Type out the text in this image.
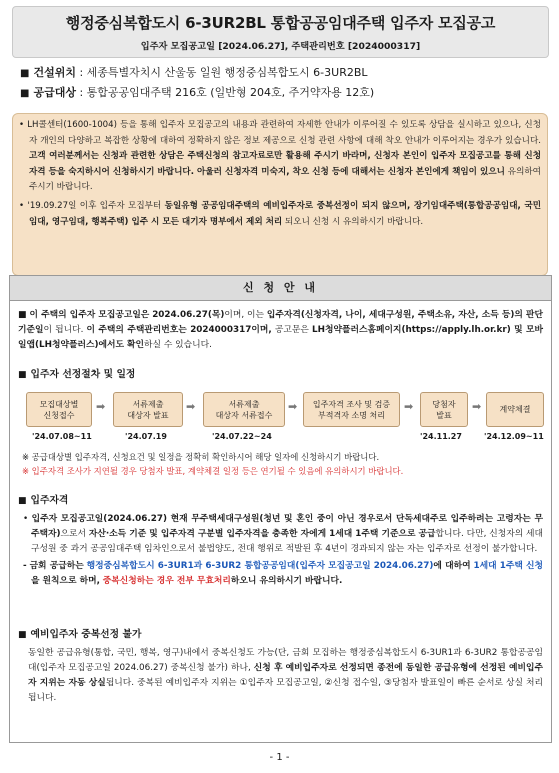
행정중심복합도시 6-3UR2BL 통합공공임대주택 입주자 모집공고
입주자 모집공고일 [2024.06.27], 주택관리번호 [2024000317]
■ 건설위치 : 세종특별자치시 산울동 일원 행정중심복합도시 6-3UR2BL
■ 공급대상 : 통합공공임대주택 216호 (일반형 204호, 주거약자용 12호)
• LH콜센터(1600-1004) 등을 통해 입주자 모집공고의 내용과 관련하여 자세한 안내가 이루어질 수 있도록 상담을 실시하고 있으나, 신청자 개인의 다양하고 복잡한 상황에 대하여 정확하지 않은 정보 제공으로 신청 관련 사항에 대해 착오 안내가 이루어지는 경우가 있습니다. 고객 여러분께서는 신청과 관련한 상담은 주택신청의 참고자료로만 활용해 주시기 바라며, 신청자 본인이 입주자 모집공고를 통해 신청자격 등을 숙지하시어 신청하시기 바랍니다. 아울러 신청자격 미숙지, 착오 신청 등에 대해서는 신청자 본인에게 책임이 있으니 유의하여 주시기 바랍니다.
• '19.09.27일 이후 입주자 모집부터 동일유형 공공임대주택의 예비입주자로 중복선정이 되지 않으며, 장기임대주택(통합공공임대, 국민임대, 영구임대, 행복주택) 입주 시 모든 대기자 명부에서 제외 처리 되오니 신청 시 유의하시기 바랍니다.
신 청 안 내
■ 이 주택의 입주자 모집공고일은 2024.06.27(목)이며, 이는 입주자격(신청자격, 나이, 세대구성원, 주택소유, 자산, 소득 등)의 판단기준일이 됩니다. 이 주택의 주택관리번호는 2024000317이며, 공고문은 LH청약플러스홈페이지(https://apply.lh.or.kr) 및 모바일앱(LH청약플러스)에서도 확인하실 수 있습니다.
■ 입주자 선정절차 및 일정
모집대상별
신청접수
➡	서류제출
대상자 발표
➡	서류제출
대상자 서류접수
➡ 입주자격 조사 및 검증
부적격자 소명 처리
➡ 당첨자
발표
➡ 계약체결
'24.07.08~11	'24.07.19	'24.07.22~24	'24.11.27	'24.12.09~11
※ 공급대상별 입주자격, 신청요건 및 일정을 정확히 확인하시어 해당 일자에 신청하시기 바랍니다.
※ 입주자격 조사가 지연될 경우 당첨자 발표, 계약체결 일정 등은 연기될 수 있음에 유의하시기 바랍니다.
■ 입주자격
• 입주자 모집공고일(2024.06.27) 현재 무주택세대구성원(청년 및 혼인 중이 아닌 경우로서 단독세대주로 입주하려는 고령자는 무주택자)으로서 자산·소득 기준 및 입주자격 구분별 입주자격을 충족한 자에게 1세대 1주택 기준으로 공급합니다. 다만, 신청자의 세대구성원 중 과거 공공임대주택 임차인으로서 불법양도, 전대 행위로 적발된 후 4년이 경과되지 않는 자는 입주자로 선정이 불가합니다.
- 금회 공급하는 행정중심복합도시 6-3UR1과 6-3UR2 통합공공임대(입주자 모집공고일 2024.06.27)에 대하여 1세대 1주택 신청을 원칙으로 하며, 중복신청하는 경우 전부 무효처리하오니 유의하시기 바랍니다.
■ 예비입주자 중복선정 불가
동일한 공급유형(통합, 국민, 행복, 영구)내에서 중복신청도 가능(단, 금회 모집하는 행정중심복합도시 6-3UR1과 6-3UR2 통합공공임대(입주자 모집공고일 2024.06.27) 중복신청 불가) 하나, 신청 후 예비입주자로 선정되면 종전에 동일한 공급유형에 선정된 예비입주자 지위는 자동 상실됩니다. 중복된 예비입주자 지위는 ①입주자 모집공고일, ②신청 접수일, ③당첨자 발표일이 빠른 순서로 상실 처리됩니다.
- 1 -
